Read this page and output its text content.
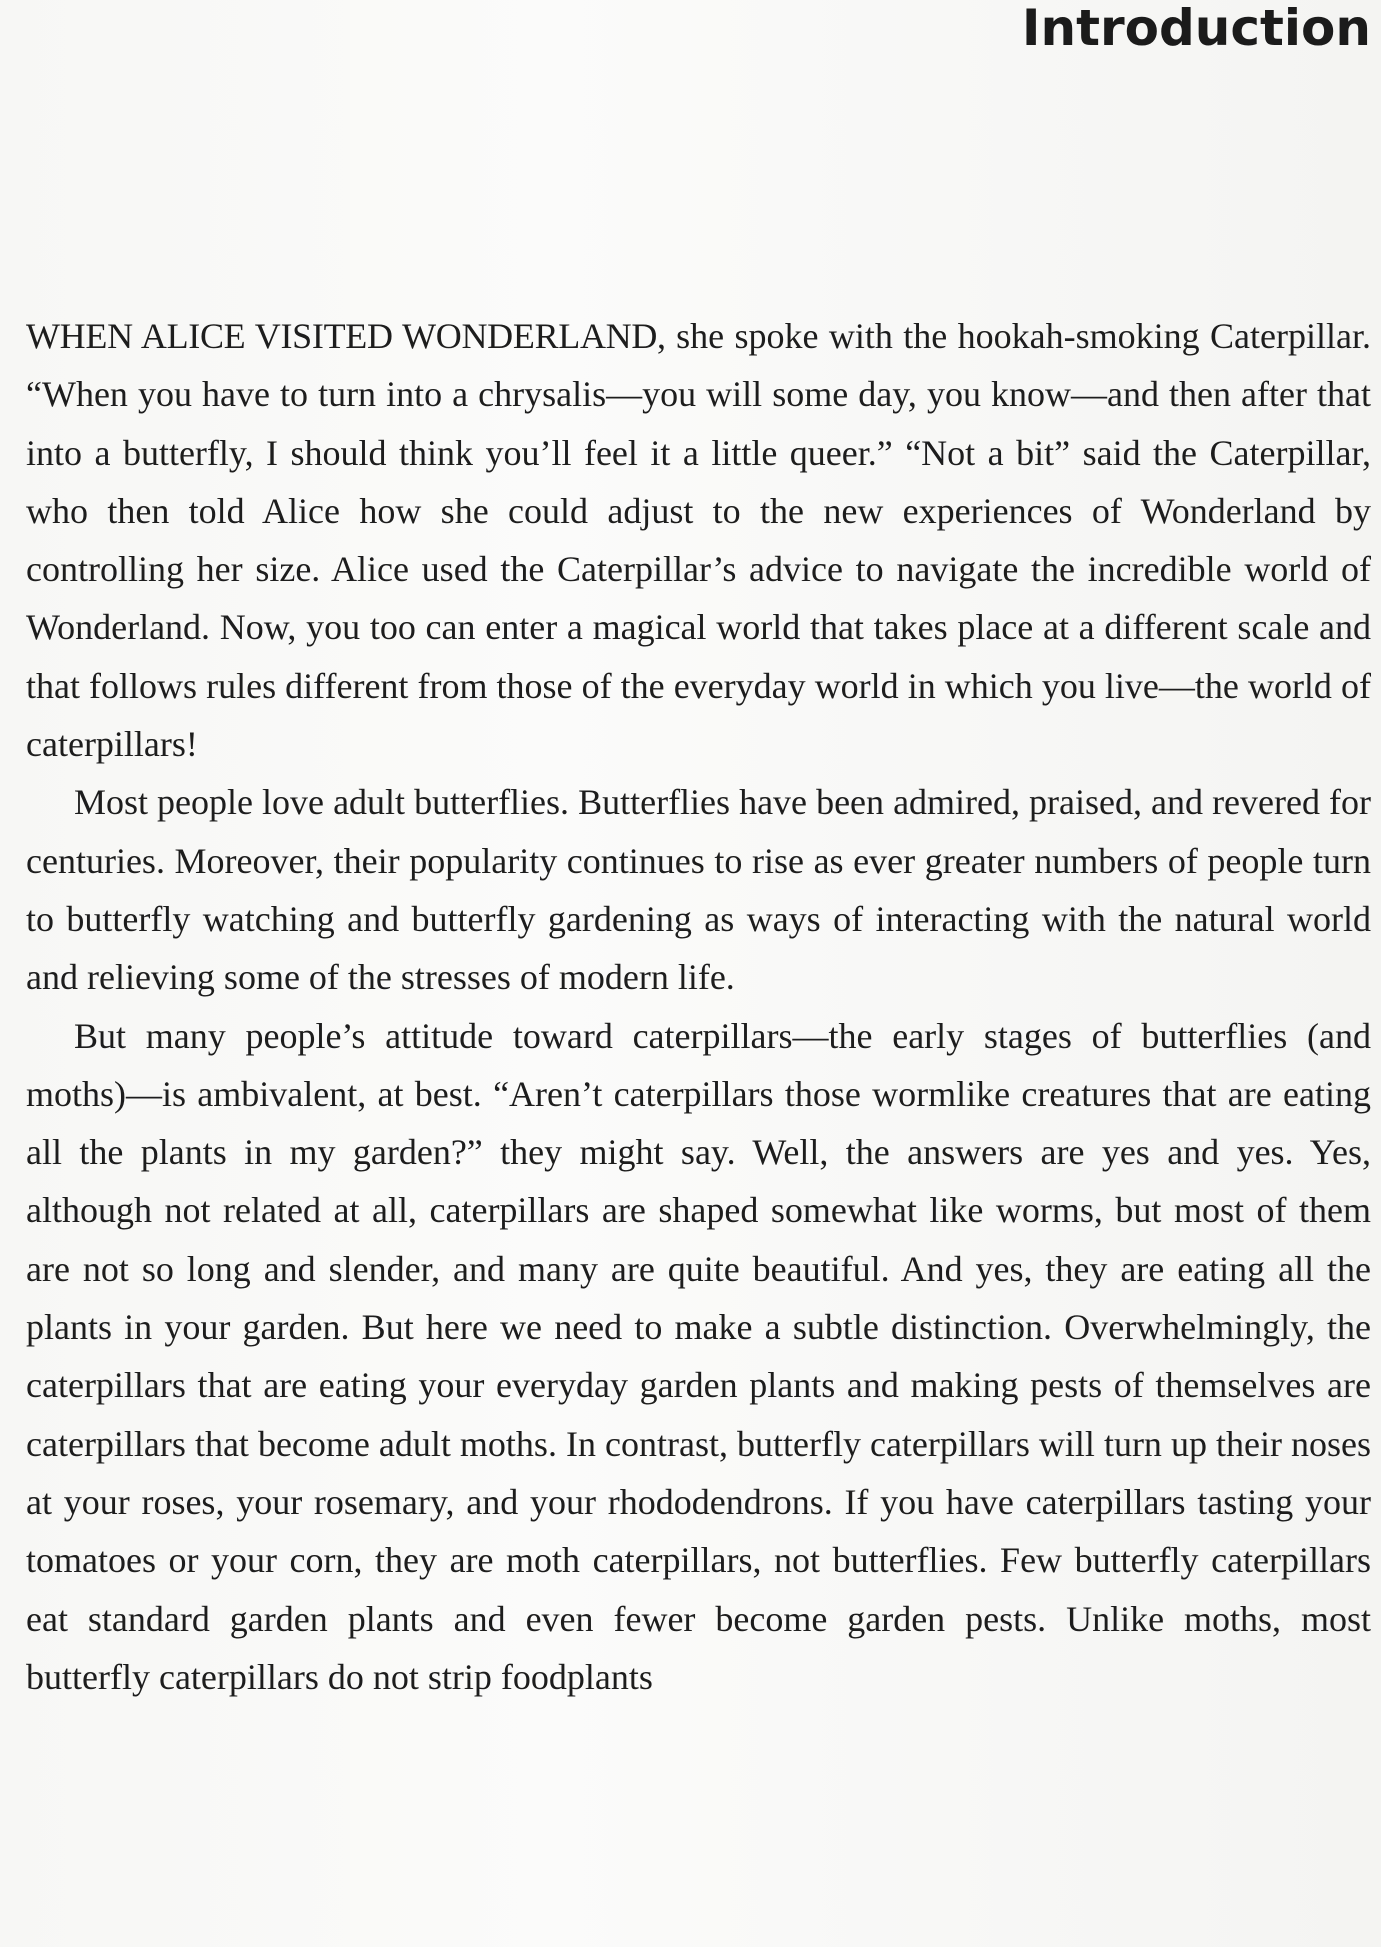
Introduction

WHEN ALICE VISITED WONDERLAND, she spoke with the hookah-smoking Caterpillar. “When you have to turn into a chrysalis—you will some day, you know—and then after that into a butterfly, I should think you’ll feel it a little queer.” “Not a bit” said the Caterpillar, who then told Alice how she could adjust to the new experiences of Wonderland by controlling her size. Alice used the Caterpillar’s advice to navigate the incredible world of Wonderland. Now, you too can enter a magical world that takes place at a different scale and that follows rules different from those of the everyday world in which you live—the world of caterpillars!

Most people love adult butterflies. Butterflies have been admired, praised, and revered for centuries. Moreover, their popularity continues to rise as ever greater numbers of people turn to butterfly watching and butterfly gardening as ways of interacting with the natural world and relieving some of the stresses of modern life.

But many people’s attitude toward caterpillars—the early stages of butterflies (and moths)—is ambivalent, at best. “Aren’t caterpillars those wormlike creatures that are eating all the plants in my garden?” they might say. Well, the answers are yes and yes. Yes, although not related at all, caterpillars are shaped somewhat like worms, but most of them are not so long and slender, and many are quite beautiful. And yes, they are eating all the plants in your garden. But here we need to make a subtle distinction. Overwhelmingly, the caterpillars that are eating your everyday garden plants and making pests of themselves are caterpillars that become adult moths. In contrast, butterfly caterpillars will turn up their noses at your roses, your rosemary, and your rhododendrons. If you have caterpillars tasting your tomatoes or your corn, they are moth caterpillars, not butterflies. Few butterfly caterpillars eat standard garden plants and even fewer become garden pests. Unlike moths, most butterfly caterpillars do not strip foodplants
